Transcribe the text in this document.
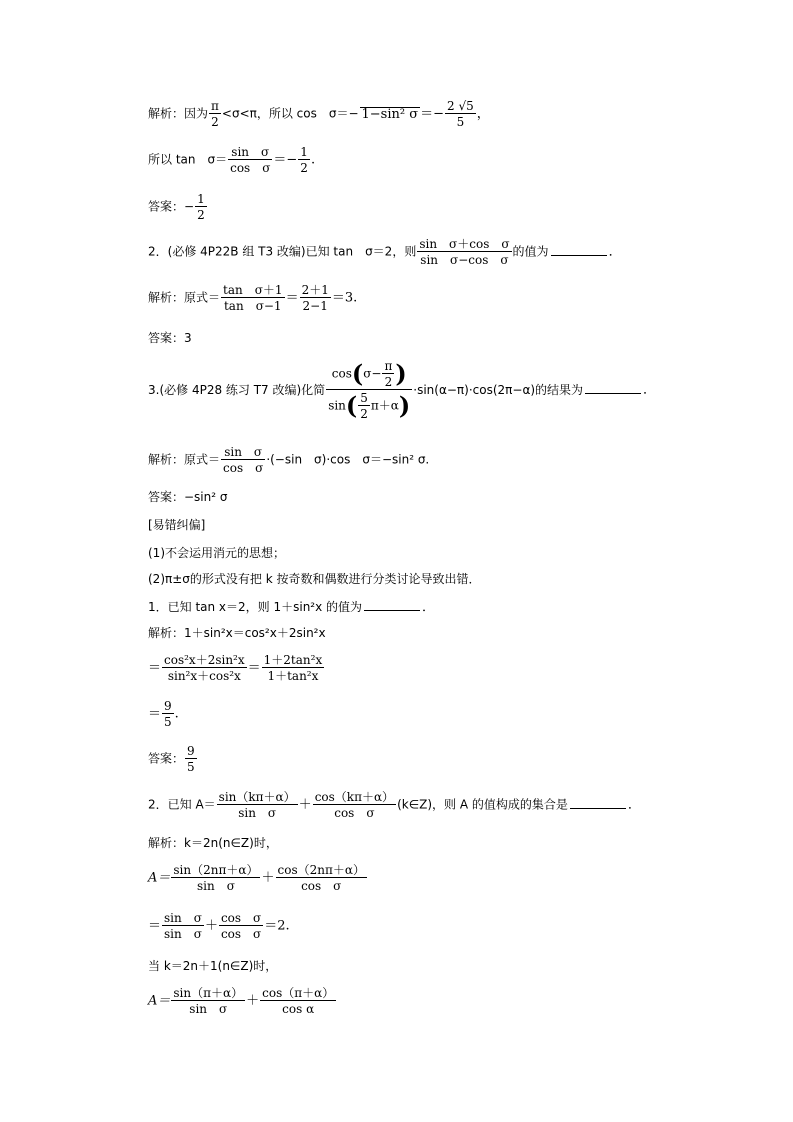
解析：因为 $\frac{\pi}{2} <\sigma<\pi$，所以 cos　σ＝− 1−sin² $\sigma =- \frac{2 √5}{5}$ ，
所以 tan　$\sigma= \frac{\text{sin　σ}}{\text{cos　σ}} =- \frac{1}{2}$ .
答案：− $\frac{1}{2}$
2．(必修 4P22B 组 T3 改编)已知 tan　σ＝2，则 $\frac{\text{sin　σ＋cos　σ}}{\text{sin　σ−cos　σ}}$ 的值为	．
解析：原式＝ $\frac{\text{tan　σ＋1}}{\text{tan　σ−1}} = \frac{2+1}{2-1} =3$.
答案：3
3.(必修 4P28 练习 T7 改编)化简 $\frac{\cos(\sigma- \frac{\pi}{2} )}{\sin( \frac{5}{2} \pi+\alpha)} \cdot\sin(\alpha-\pi)\cdot\cos(2\pi-\alpha)$的结果为	．
解析：原式＝ $\frac{\text{sin　σ}}{\text{cos　σ}} \cdot(-\sin$　σ)·cos　σ＝−sin² σ.
答案：−sin² σ
[易错纠偏]
(1)不会运用消元的思想；
(2)π±σ的形式没有把 k 按奇数和偶数进行分类讨论导致出错．
1．已知 tan x＝2，则 1＋sin²x 的值为	．
解析：1＋sin²x＝cos²x＋2sin²x
＝ $\frac{\text{cos²x＋2sin²x}}{\text{sin²x＋cos²x}} = \frac{\text{1＋2tan²x}}{\text{1＋tan²x}}$
＝ $\frac{9}{5}$ .
答案： $\frac{9}{5}$
2．已知 $A= \frac{\sin(k\pi+\alpha)}{\text{sin　σ}} + \frac{\cos(k\pi+\alpha)}{\text{cos　σ}}$ (k∈Z)，则 A 的值构成的集合是	．
解析：k＝2n(n∈Z)时，
$A= \frac{\sin(2n\pi+\alpha)}{\text{sin　σ}} + \frac{\cos(2n\pi+\alpha)}{\text{cos　σ}}$
＝ $\frac{\text{sin　σ}}{\text{sin　σ}} + \frac{\text{cos　σ}}{\text{cos　σ}} =2$.
当 k＝2n＋1(n∈Z)时，
$A= \frac{\sin(\pi+\alpha)}{\text{sin　σ}} + \frac{\cos(\pi+\alpha)}{\text{cos α}}$
